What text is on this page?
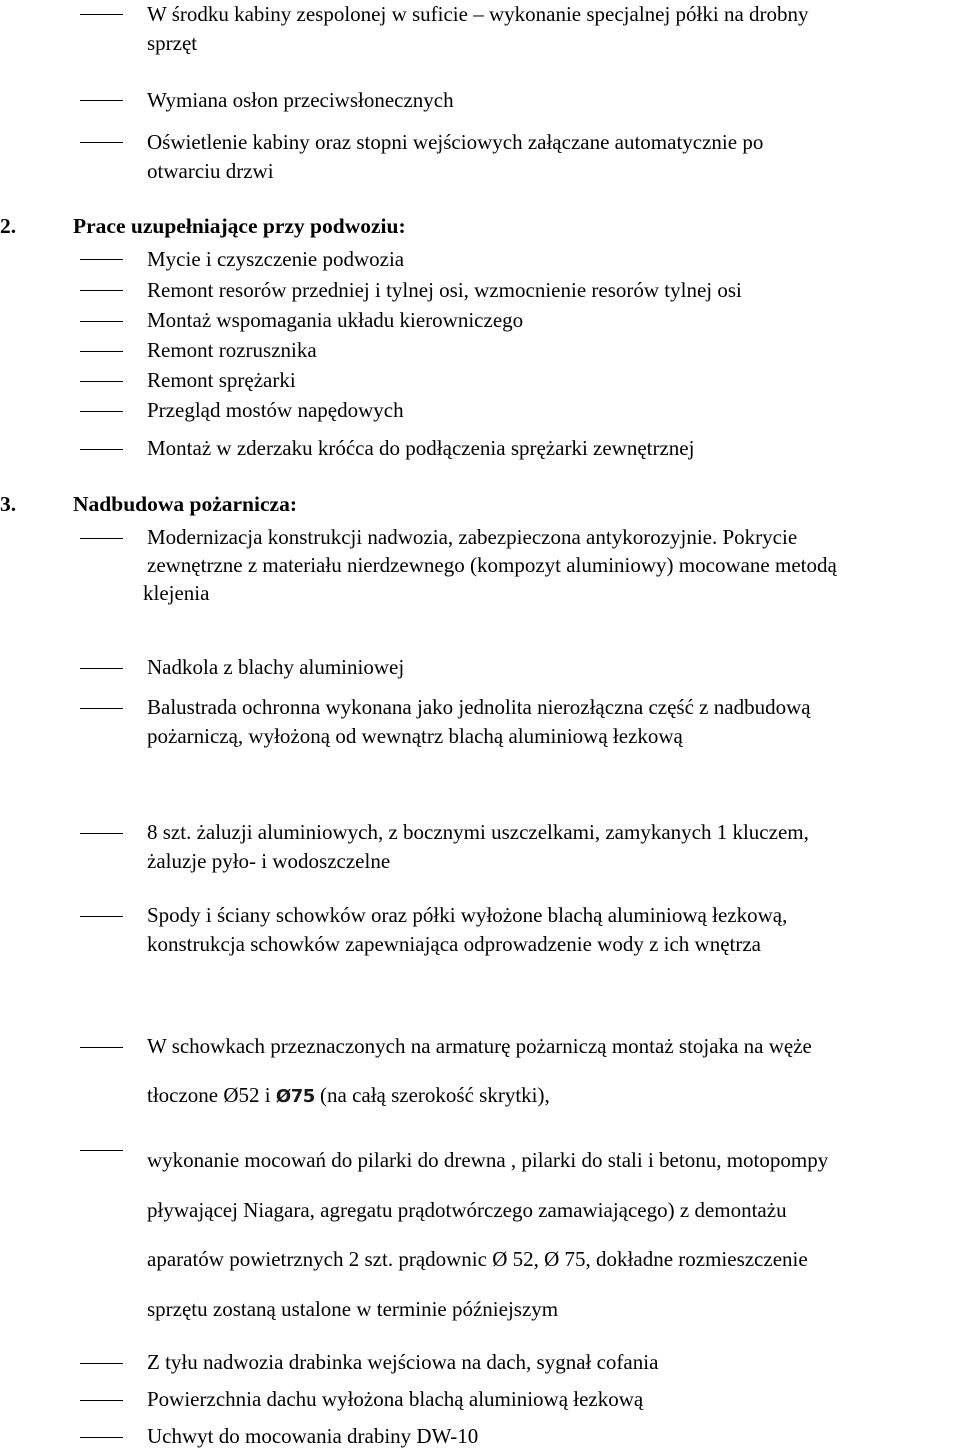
W środku kabiny zespolonej w suficie – wykonanie specjalnej półki na drobny
sprzęt
Wymiana osłon przeciwsłonecznych
Oświetlenie kabiny oraz stopni wejściowych załączane automatycznie po
otwarciu drzwi
2.	Prace uzupełniające przy podwoziu:
Mycie i czyszczenie podwozia
Remont resorów przedniej i tylnej osi, wzmocnienie resorów tylnej osi
Montaż wspomagania układu kierowniczego
Remont rozrusznika
Remont sprężarki
Przegląd mostów napędowych
Montaż w zderzaku króćca do podłączenia sprężarki zewnętrznej
3.	Nadbudowa pożarnicza:
Modernizacja konstrukcji nadwozia, zabezpieczona antykorozyjnie. Pokrycie
zewnętrzne z materiału nierdzewnego (kompozyt aluminiowy) mocowane metodą
klejenia
Nadkola z blachy aluminiowej
Balustrada ochronna wykonana jako jednolita nierozłączna część z nadbudową
pożarniczą, wyłożoną od wewnątrz blachą aluminiową łezkową
8 szt. żaluzji aluminiowych, z bocznymi uszczelkami, zamykanych 1 kluczem,
żaluzje pyło- i wodoszczelne
Spody i ściany schowków oraz półki wyłożone blachą aluminiową łezkową,
konstrukcja schowków zapewniająca odprowadzenie wody z ich wnętrza
W schowkach przeznaczonych na armaturę pożarniczą montaż stojaka na węże
tłoczone Ø52 i Ø75 (na całą szerokość skrytki),
wykonanie mocowań do pilarki do drewna , pilarki do stali i betonu, motopompy
pływającej Niagara, agregatu prądotwórczego zamawiającego) z demontażu
aparatów powietrznych 2 szt. prądownic Ø 52, Ø 75, dokładne rozmieszczenie
sprzętu zostaną ustalone w terminie późniejszym
Z tyłu nadwozia drabinka wejściowa na dach, sygnał cofania
Powierzchnia dachu wyłożona blachą aluminiową łezkową
Uchwyt do mocowania drabiny DW-10
